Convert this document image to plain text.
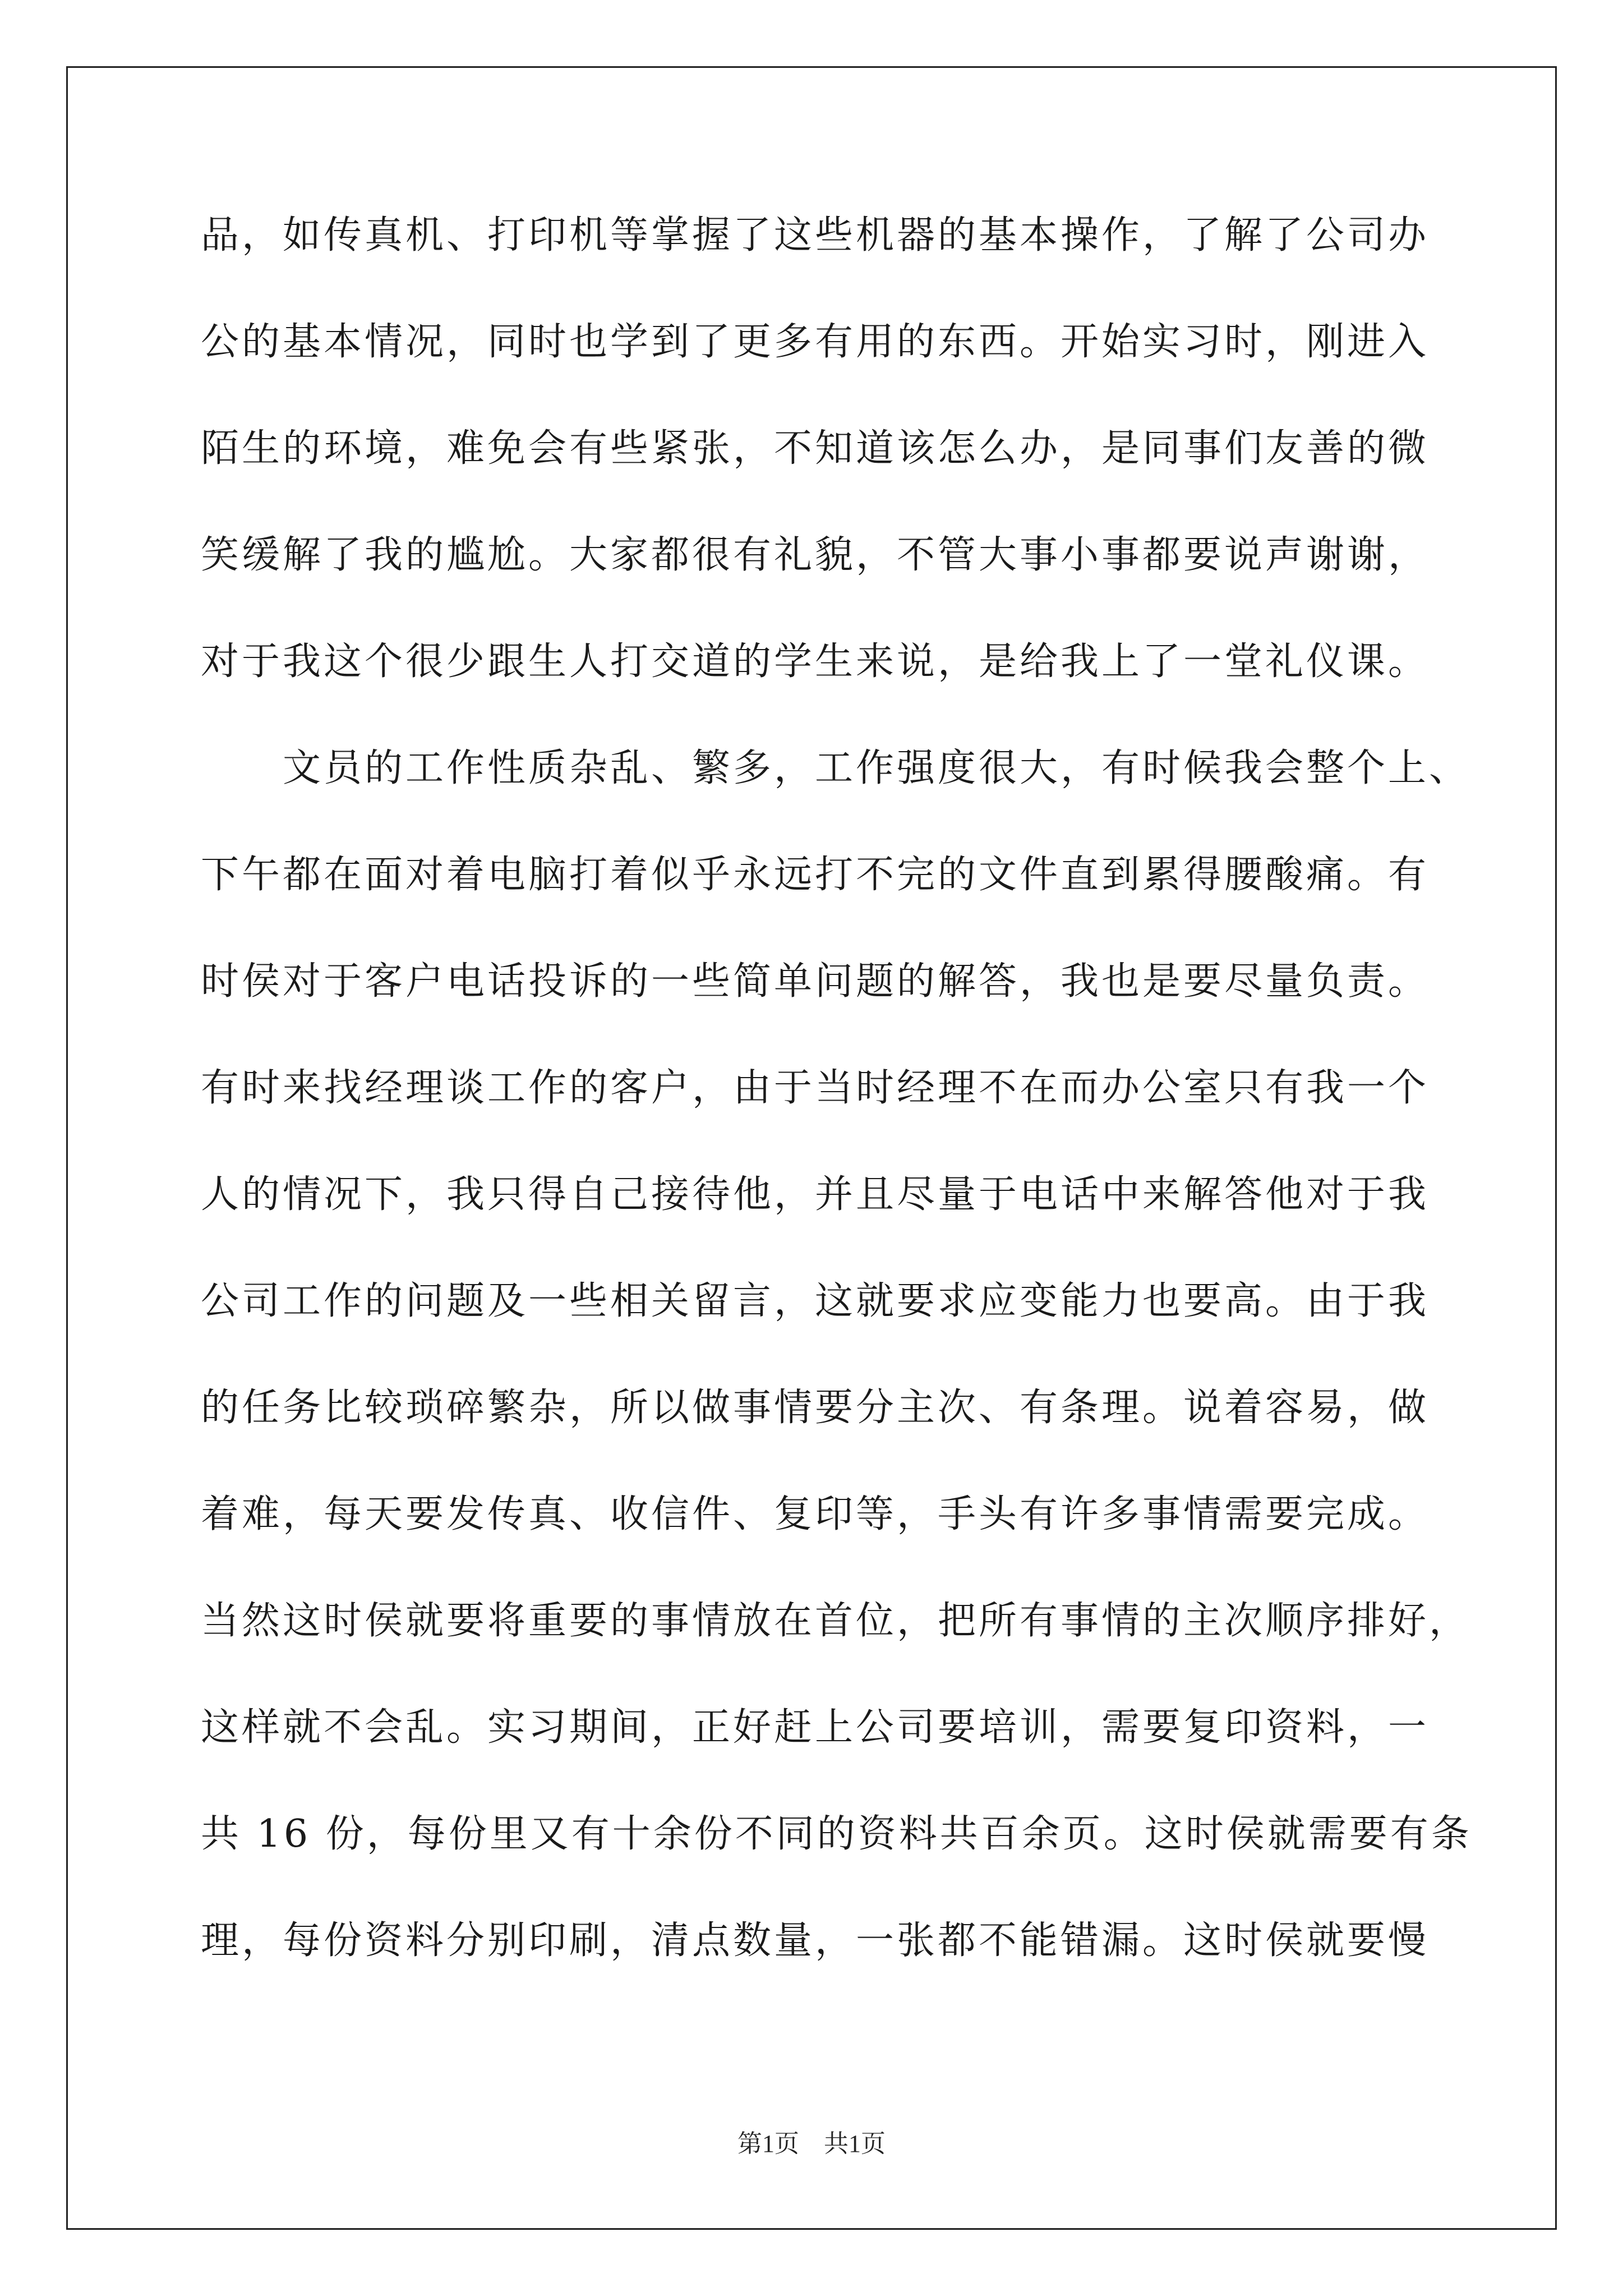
品，如传真机、打印机等掌握了这些机器的基本操作，了解了公司办
公的基本情况，同时也学到了更多有用的东西。开始实习时，刚进入
陌生的环境，难免会有些紧张，不知道该怎么办，是同事们友善的微
笑缓解了我的尴尬。大家都很有礼貌，不管大事小事都要说声谢谢，
对于我这个很少跟生人打交道的学生来说，是给我上了一堂礼仪课。
文员的工作性质杂乱、繁多，工作强度很大，有时候我会整个上、
下午都在面对着电脑打着似乎永远打不完的文件直到累得腰酸痛。有
时侯对于客户电话投诉的一些简单问题的解答，我也是要尽量负责。
有时来找经理谈工作的客户，由于当时经理不在而办公室只有我一个
人的情况下，我只得自己接待他，并且尽量于电话中来解答他对于我
公司工作的问题及一些相关留言，这就要求应变能力也要高。由于我
的任务比较琐碎繁杂，所以做事情要分主次、有条理。说着容易，做
着难，每天要发传真、收信件、复印等，手头有许多事情需要完成。
当然这时侯就要将重要的事情放在首位，把所有事情的主次顺序排好，
这样就不会乱。实习期间，正好赶上公司要培训，需要复印资料，一
共 16 份，每份里又有十余份不同的资料共百余页。这时侯就需要有条
理，每份资料分别印刷，清点数量，一张都不能错漏。这时侯就要慢
第1页　共1页
